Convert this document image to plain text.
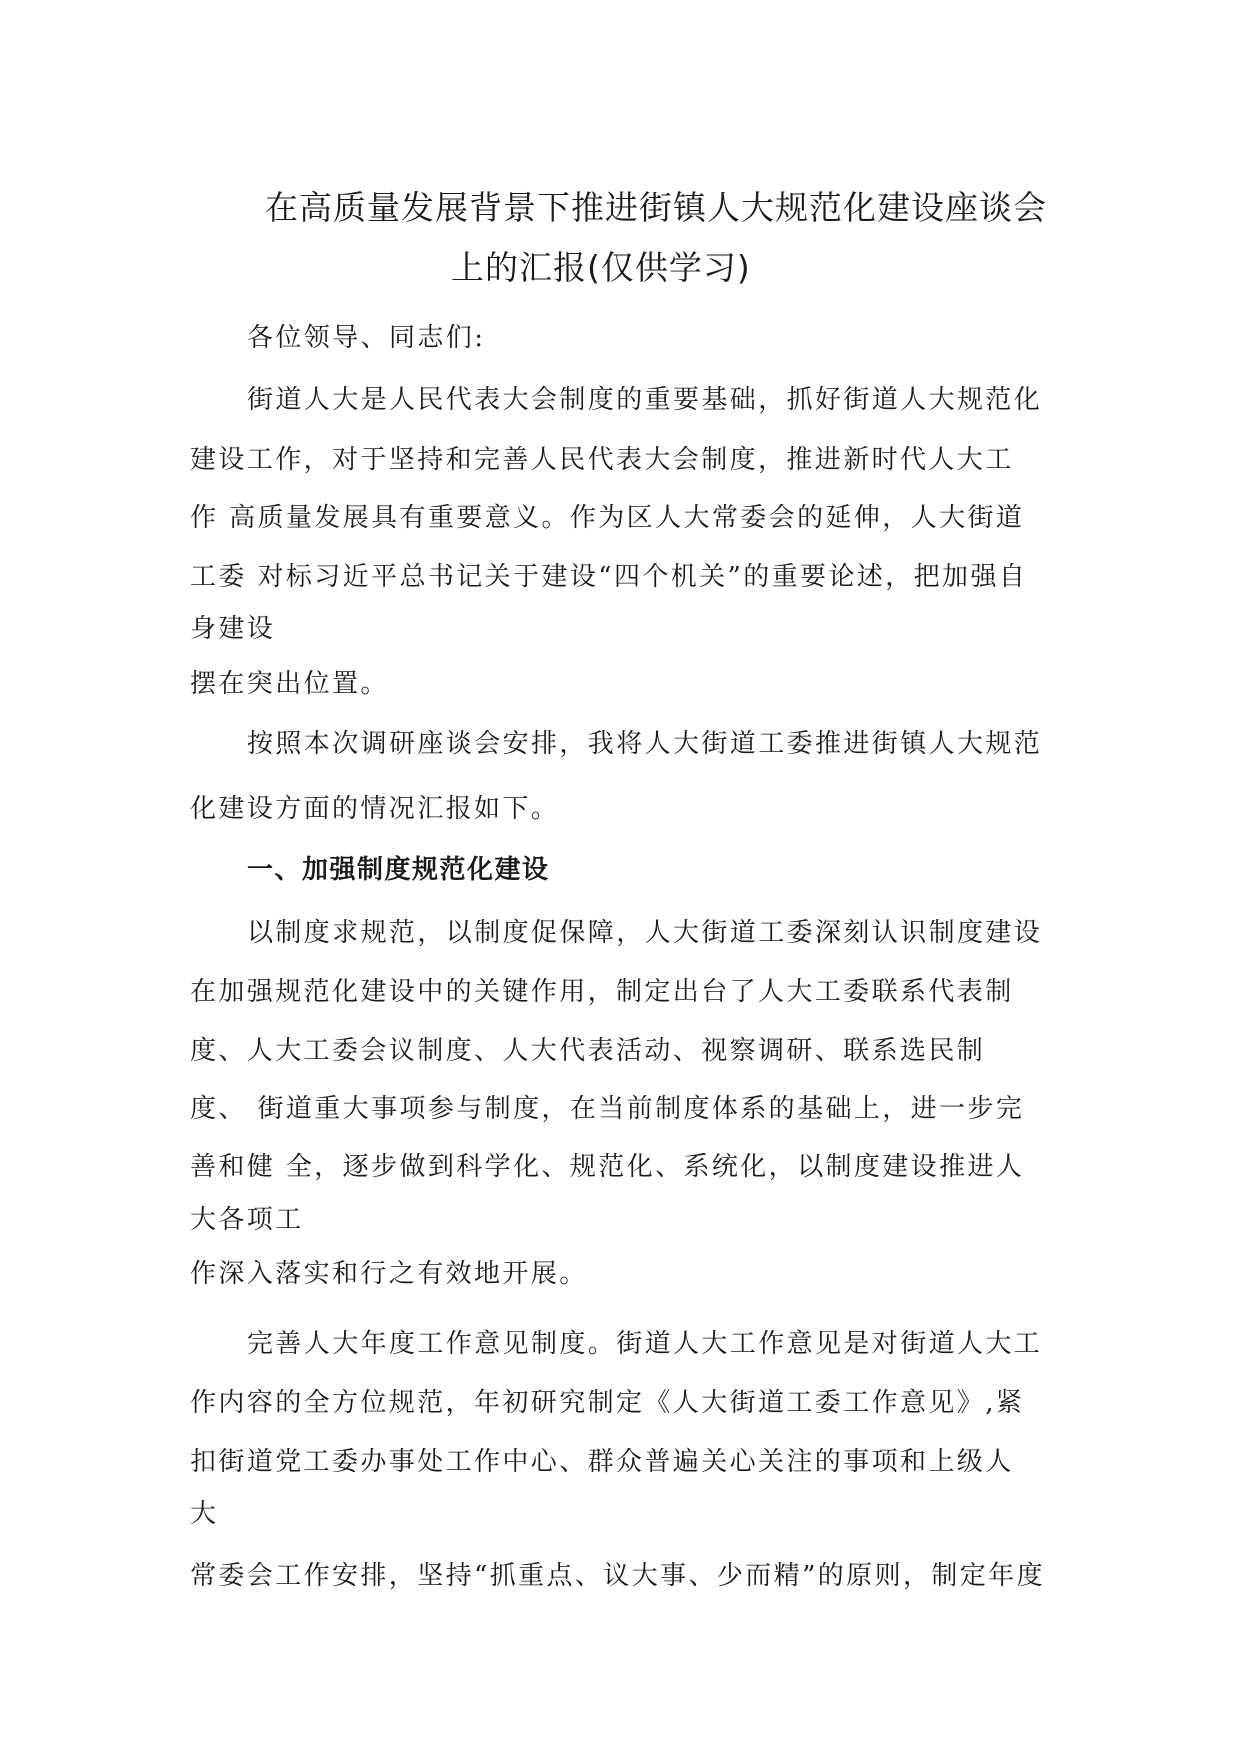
在高质量发展背景下推进街镇人大规范化建设座谈会
上的汇报(仅供学习)

各位领导、同志们:

街道人大是人民代表大会制度的重要基础，抓好街道人大规范化

建设工作，对于坚持和完善人民代表大会制度，推进新时代人大工

作 高质量发展具有重要意义。作为区人大常委会的延伸，人大街道

工委 对标习近平总书记关于建设“四个机关”的重要论述，把加强自

身建设

摆在突出位置。

按照本次调研座谈会安排，我将人大街道工委推进街镇人大规范

化建设方面的情况汇报如下。

一、加强制度规范化建设

以制度求规范，以制度促保障，人大街道工委深刻认识制度建设

在加强规范化建设中的关键作用，制定出台了人大工委联系代表制

度、人大工委会议制度、人大代表活动、视察调研、联系选民制

度、 街道重大事项参与制度，在当前制度体系的基础上，进一步完

善和健 全，逐步做到科学化、规范化、系统化，以制度建设推进人

大各项工

作深入落实和行之有效地开展。

完善人大年度工作意见制度。街道人大工作意见是对街道人大工

作内容的全方位规范，年初研究制定《人大街道工委工作意见》,紧

扣街道党工委办事处工作中心、群众普遍关心关注的事项和上级人

大

常委会工作安排，坚持“抓重点、议大事、少而精”的原则，制定年度
